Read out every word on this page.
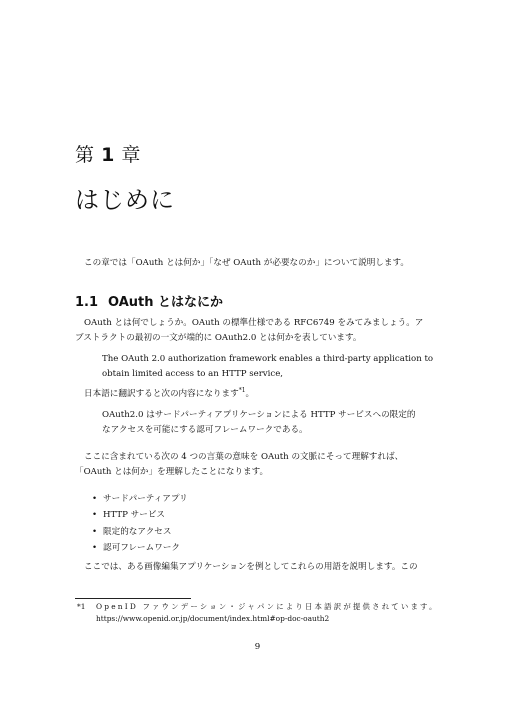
第 1 章
はじめに
この章では「OAuth とは何か」「なぜ OAuth が必要なのか」について説明します。
1.1 OAuth とはなにか
OAuth とは何でしょうか。OAuth の標準仕様である RFC6749 をみてみましょう。ア
ブストラクトの最初の一文が端的に OAuth2.0 とは何かを表しています。
The OAuth 2.0 authorization framework enables a third-party application to
obtain limited access to an HTTP service,
日本語に翻訳すると次の内容になります$^{*1}$。
OAuth2.0 はサードパーティアプリケーションによる HTTP サービスへの限定的
なアクセスを可能にする認可フレームワークである。
ここに含まれている次の 4 つの言葉の意味を OAuth の文脈にそって理解すれば、
「OAuth とは何か」を理解したことになります。
• サードパーティアプリ
• HTTP サービス
• 限定的なアクセス
• 認可フレームワーク
ここでは、ある画像編集アプリケーションを例としてこれらの用語を説明します。この
*1 OpenID ファウンデーション・ジャパンにより日本語訳が提供されています。
https://www.openid.or.jp/document/index.html#op-doc-oauth2
9
